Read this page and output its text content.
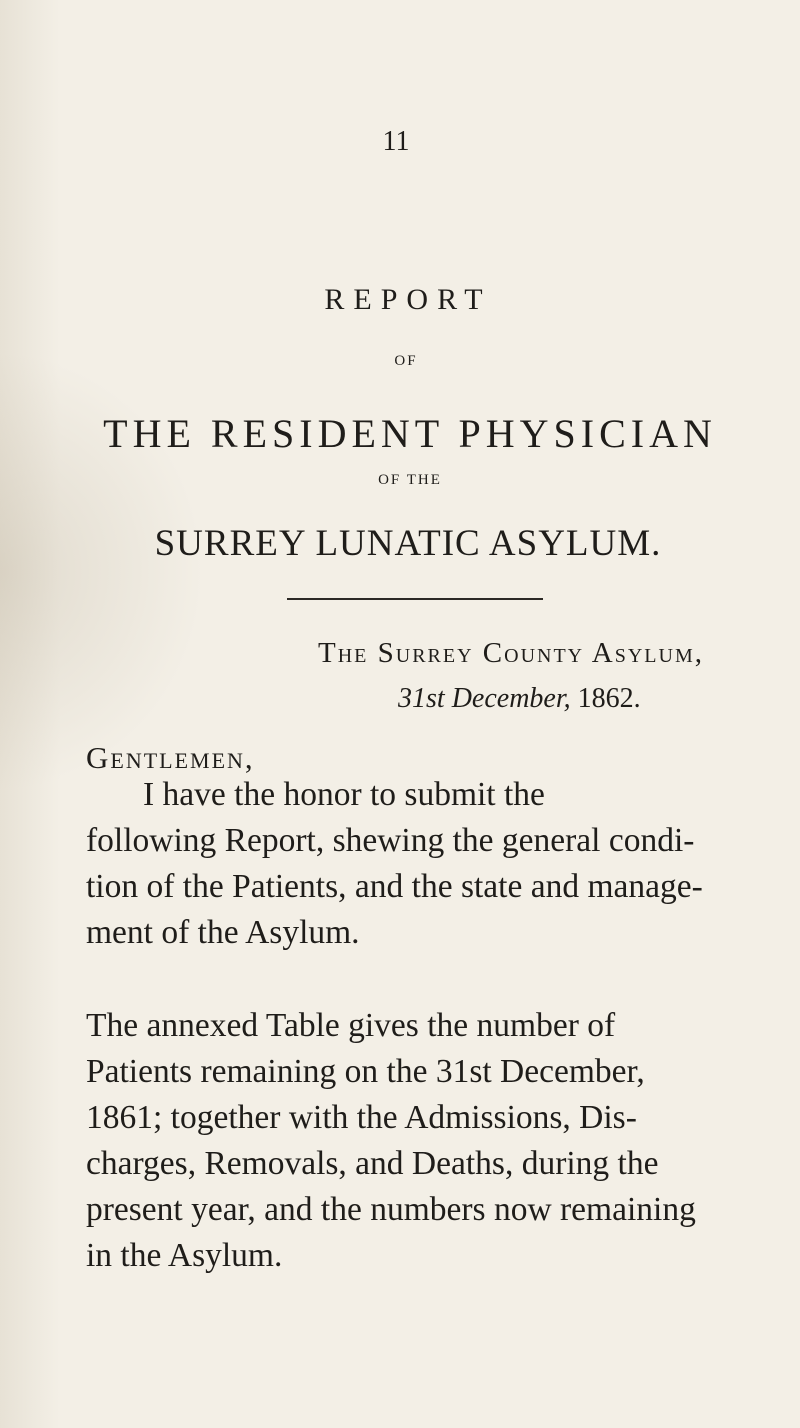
11
REPORT
OF
THE RESIDENT PHYSICIAN
OF THE
SURREY LUNATIC ASYLUM.
The Surrey County Asylum,
31st December, 1862.
Gentlemen,
I have the honor to submit the
following Report, shewing the general condi-
tion of the Patients, and the state and manage-
ment of the Asylum.
The annexed Table gives the number of
Patients remaining on the 31st December,
1861; together with the Admissions, Dis-
charges, Removals, and Deaths, during the
present year, and the numbers now remaining
in the Asylum.
